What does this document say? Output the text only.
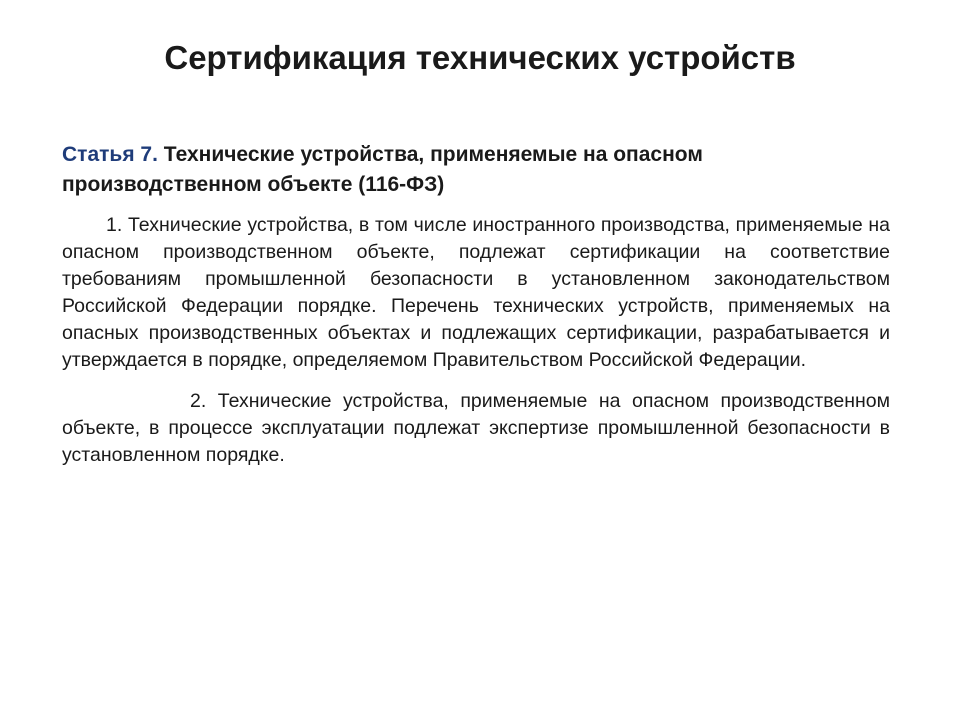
Сертификация технических устройств

Статья 7. Технические устройства, применяемые на опасном производственном объекте (116-ФЗ)

1. Технические устройства, в том числе иностранного производства, применяемые на опасном производственном объекте, подлежат сертификации на соответствие требованиям промышленной безопасности в установленном законодательством Российской Федерации порядке. Перечень технических устройств, применяемых на опасных производственных объектах и подлежащих сертификации, разрабатывается и утверждается в порядке, определяемом Правительством Российской Федерации.

2. Технические устройства, применяемые на опасном производственном объекте, в процессе эксплуатации подлежат экспертизе промышленной безопасности в установленном порядке.
